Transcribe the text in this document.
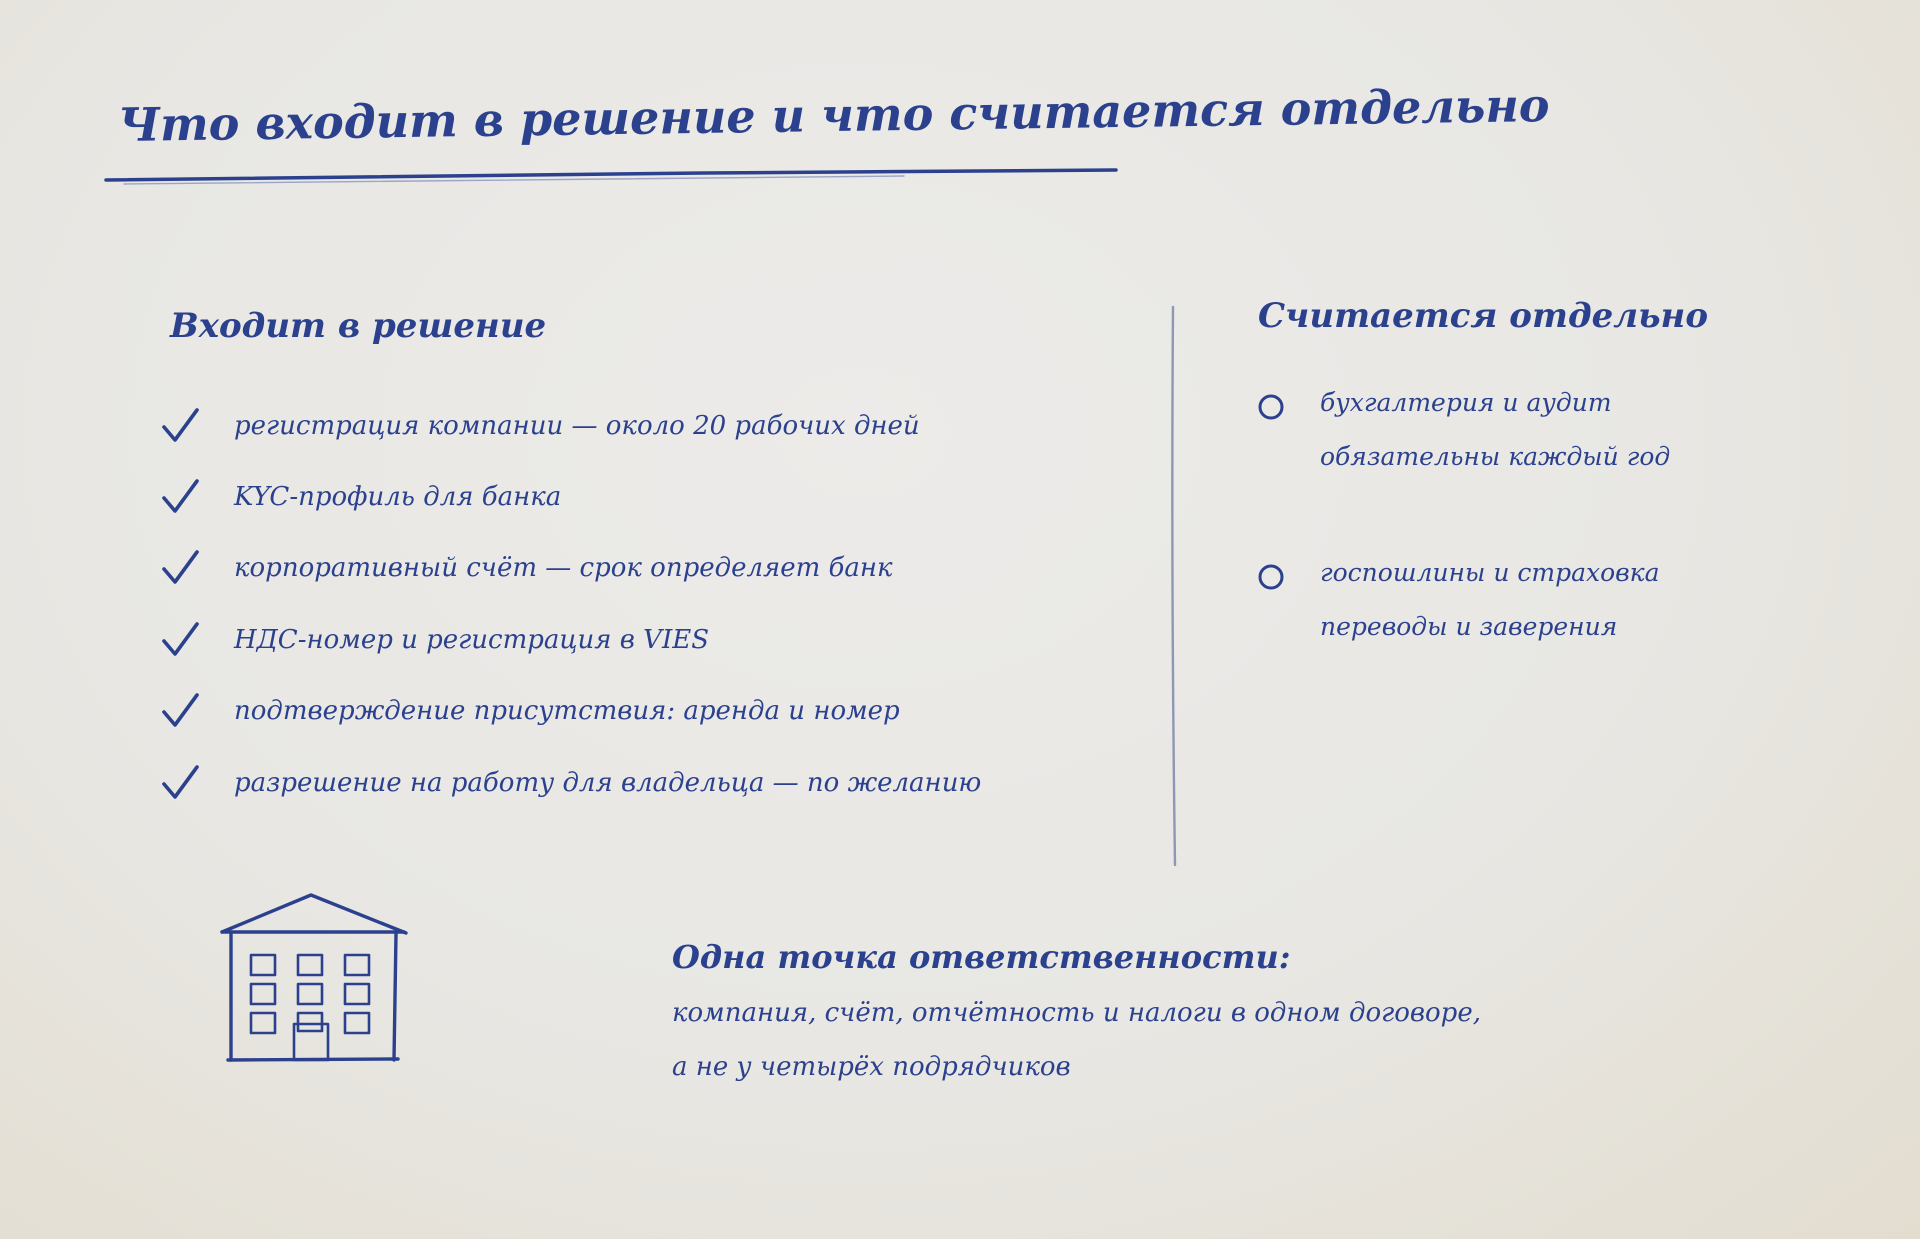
Что входит в решение и что считается отдельно
Входит в решение
регистрация компании — около 20 рабочих дней
KYC-профиль для банка
корпоративный счёт — срок определяет банк
НДС-номер и регистрация в VIES
подтверждение присутствия: аренда и номер
разрешение на работу для владельца — по желанию
Считается отдельно
бухгалтерия и аудит
обязательны каждый год
госпошлины и страховка
переводы и заверения
Одна точка ответственности:
компания, счёт, отчётность и налоги в одном договоре,
а не у четырёх подрядчиков
